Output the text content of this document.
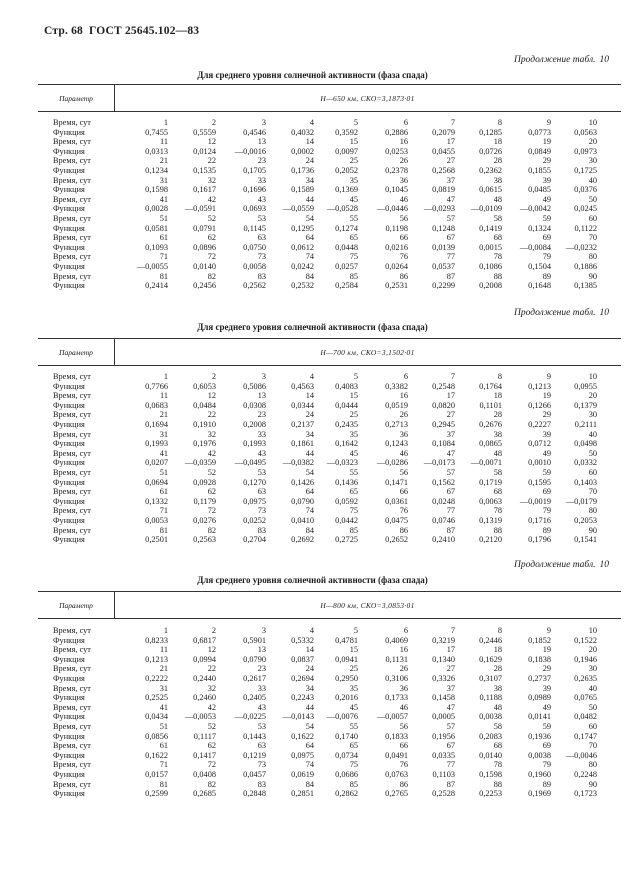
Стр. 68 ГОСТ 25645.102—83
Продолжение табл. 10
Для среднего уровня солнечной активности (фаза спада)
Параметр	H—650 км, СКО=3,1873·01
Время, сут	1	2	3	4	5	6	7	8	9	10
Функция	0,7455	0,5559	0,4546	0,4032	0,3592	0,2886	0,2079	0,1285	0,0773	0,0563
Время, сут	11	12	13	14	15	16	17	18	19	20
Функция	0,0313	0,0124	—0,0016	0,0002	0,0097	0,0253	0,0455	0,0726	0,0849	0,0973
Время, сут	21	22	23	24	25	26	27	28	29	30
Функция	0,1234	0,1535	0,1705	0,1736	0,2052	0,2378	0,2568	0,2362	0,1855	0,1725
Время, сут	31	32	33	34	35	36	37	38	39	40
Функция	0,1598	0,1617	0,1696	0,1589	0,1369	0,1045	0,0819	0,0615	0,0485	0,0376
Время, сут	41	42	43	44	45	46	47	48	49	50
Функция	0,0028	—0,0591	0,0693	—0,0559	—0,0528	—0,0446	—0,0293	—0,0109	—0,0042	0,0245
Время, сут	51	52	53	54	55	56	57	58	59	60
Функция	0,0581	0,0791	0,1145	0,1295	0,1274	0,1198	0,1248	0,1419	0,1324	0,1122
Время, сут	61	62	63	64	65	66	67	68	69	70
Функция	0,1093	0,0896	0,0750	0,0612	0,0448	0,0216	0,0139	0,0015	—0,0084	—0,0232
Время, сут	71	72	73	74	75	76	77	78	79	80
Функция	—0,0055	0,0140	0,0058	0,0242	0,0257	0,0264	0,0537	0,1086	0,1504	0,1886
Время, сут	81	82	83	84	85	86	87	88	89	90
Функция	0,2414	0,2456	0,2562	0,2532	0,2584	0,2531	0,2299	0,2008	0,1648	0,1385
Продолжение табл. 10
Для среднего уровня солнечной активности (фаза спада)
Параметр	H—700 км, СКО=3,1502·01
Время, сут	1	2	3	4	5	6	7	8	9	10
Функция	0,7766	0,6053	0,5086	0,4563	0,4083	0,3382	0,2548	0,1764	0,1213	0,0955
Время, сут	11	12	13	14	15	16	17	18	19	20
Функция	0,0683	0,0484	0,0308	0,0344	0,0444	0,0519	0,0820	0,1101	0,1266	0,1379
Время, сут	21	22	23	24	25	26	27	28	29	30
Функция	0,1694	0,1910	0,2008	0,2137	0,2435	0,2713	0,2945	0,2676	0,2227	0,2111
Время, сут	31	32	33	34	35	36	37	38	39	40
Функция	0,1993	0,1976	0,1993	0,1861	0,1642	0,1243	0,1084	0,0865	0,0712	0,0498
Время, сут	41	42	43	44	45	46	47	48	49	50
Функция	0,0207	—0,0359	—0,0495	—0,0382	—0,0323	—0,0286	—0,0173	—0,0071	0,0010	0,0332
Время, сут	51	52	53	54	55	56	57	58	59	60
Функция	0,0694	0,0928	0,1270	0,1426	0,1436	0,1471	0,1562	0,1719	0,1595	0,1403
Время, сут	61	62	63	64	65	66	67	68	69	70
Функция	0,1332	0,1179	0,0975	0,0790	0,0592	0,0361	0,0248	0,0063	—0,0019	—0,0179
Время, сут	71	72	73	74	75	76	77	78	79	80
Функция	0,0053	0,0276	0,0252	0,0410	0,0442	0,0475	0,0746	0,1319	0,1716	0,2053
Время, сут	81	82	83	84	85	86	87	88	89	90
Функция	0,2501	0,2563	0,2704	0,2692	0,2725	0,2652	0,2410	0,2120	0,1796	0,1541
Продолжение табл. 10
Для среднего уровня солнечной активности (фаза спада)
Параметр	H—800 км, СКО=3,0853·01
Время, сут	1	2	3	4	5	6	7	8	9	10
Функция	0,8233	0,6817	0,5901	0,5332	0,4781	0,4069	0,3219	0,2446	0,1852	0,1522
Время, сут	11	12	13	14	15	16	17	18	19	20
Функция	0,1213	0,0994	0,0790	0,0837	0,0941	0,1131	0,1340	0,1629	0,1838	0,1946
Время, сут	21	22	23	24	25	26	27	28	29	30
Функция	0,2222	0,2440	0,2617	0,2694	0,2950	0,3106	0,3326	0,3107	0,2737	0,2635
Время, сут	31	32	33	34	35	36	37	38	39	40
Функция	0,2525	0,2460	0,2405	0,2243	0,2016	0,1733	0,1458	0,1188	0,0989	0,0765
Время, сут	41	42	43	44	45	46	47	48	49	50
Функция	0,0434	—0,0053	—0,0225	—0,0143	—0,0076	—0,0057	0,0005	0,0038	0,0141	0,0482
Время, сут	51	52	53	54	55	56	57	58	59	60
Функция	0,0856	0,1117	0,1443	0,1622	0,1740	0,1833	0,1956	0,2083	0,1936	0,1747
Время, сут	61	62	63	64	65	66	67	68	69	70
Функция	0,1622	0,1417	0,1219	0,0975	0,0734	0,0491	0,0335	0,0140	0,0038	—0,0046
Время, сут	71	72	73	74	75	76	77	78	79	80
Функция	0,0157	0,0408	0,0457	0,0619	0,0686	0,0763	0,1103	0,1598	0,1960	0,2248
Время, сут	81	82	83	84	85	86	87	88	89	90
Функция	0,2599	0,2685	0,2848	0,2851	0,2862	0,2765	0,2528	0,2253	0,1969	0,1723
